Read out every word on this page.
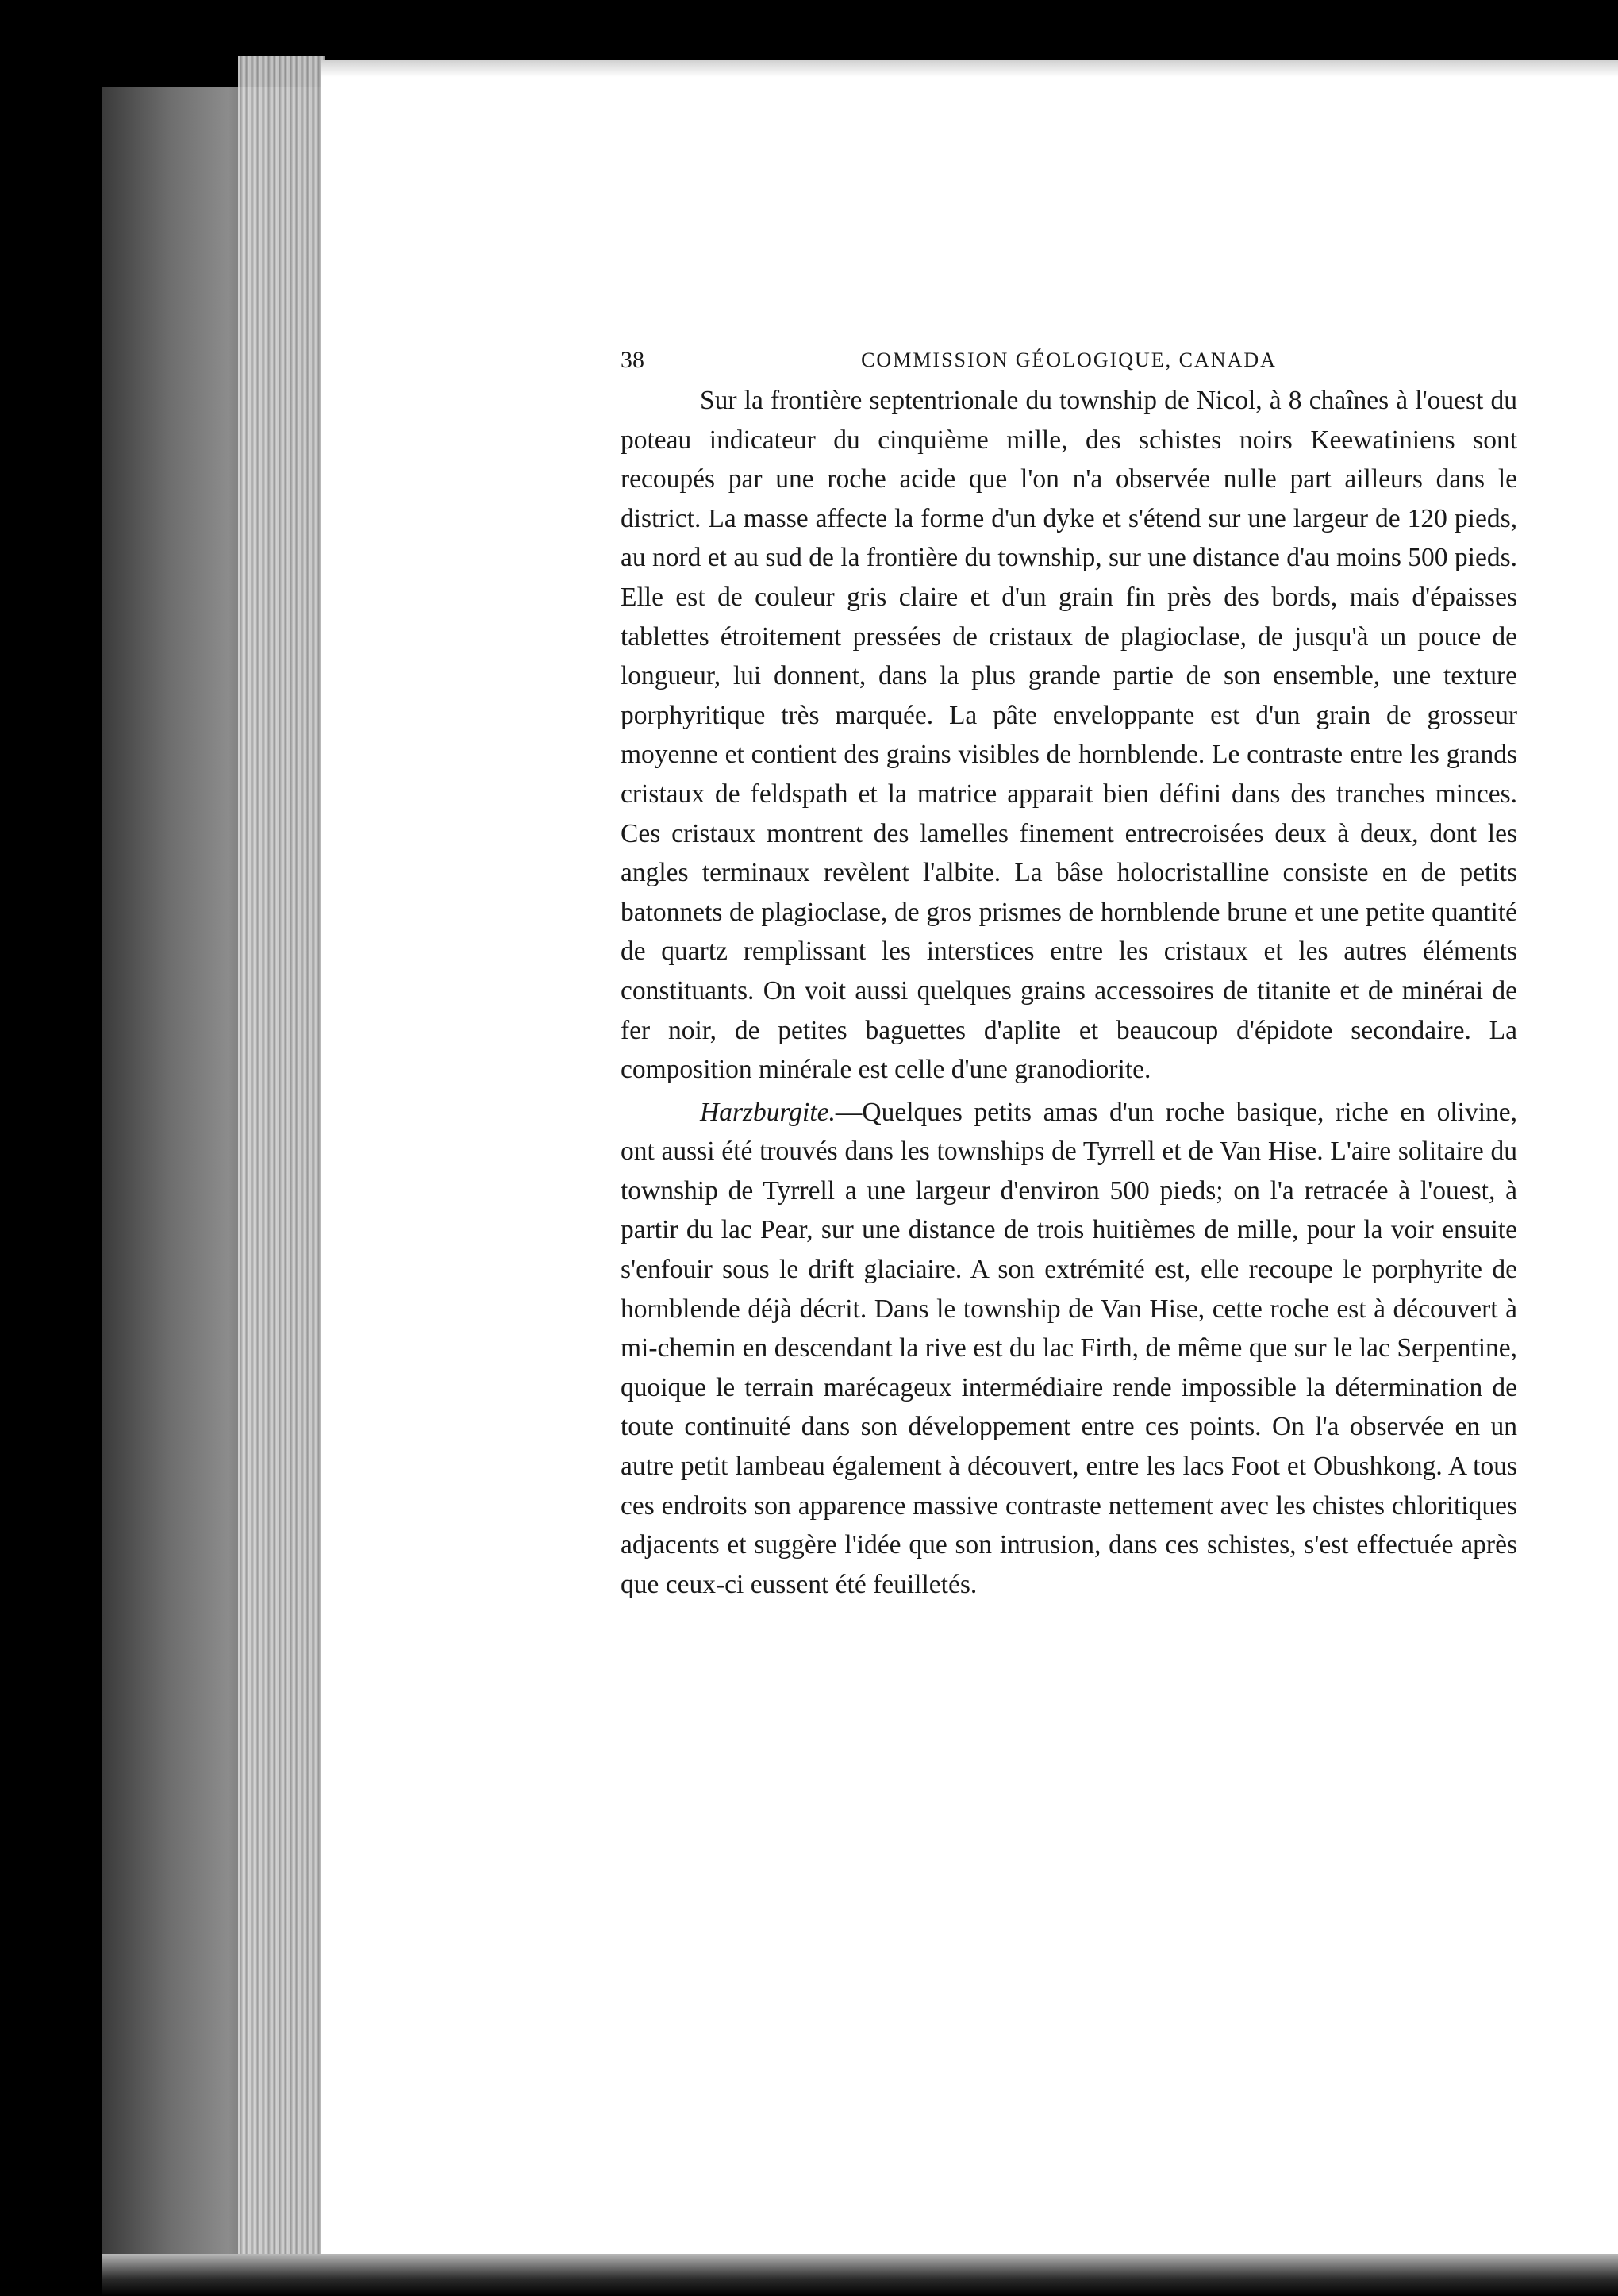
38	COMMISSION GÉOLOGIQUE, CANADA

Sur la frontière septentrionale du township de Nicol, à 8 chaînes à l'ouest du poteau indicateur du cinquième mille, des schistes noirs Keewatiniens sont recoupés par une roche acide que l'on n'a observée nulle part ailleurs dans le district. La masse affecte la forme d'un dyke et s'étend sur une largeur de 120 pieds, au nord et au sud de la frontière du township, sur une distance d'au moins 500 pieds. Elle est de couleur gris claire et d'un grain fin près des bords, mais d'épaisses tablettes étroitement pressées de cristaux de plagioclase, de jusqu'à un pouce de longueur, lui donnent, dans la plus grande partie de son ensemble, une texture porphyritique très marquée. La pâte enveloppante est d'un grain de grosseur moyenne et contient des grains visibles de hornblende. Le contraste entre les grands cristaux de feldspath et la matrice apparait bien défini dans des tranches minces. Ces cristaux montrent des lamelles finement entrecroisées deux à deux, dont les angles terminaux revèlent l'albite. La bâse holocristalline consiste en de petits batonnets de plagioclase, de gros prismes de hornblende brune et une petite quantité de quartz remplissant les interstices entre les cristaux et les autres éléments constituants. On voit aussi quelques grains accessoires de titanite et de minérai de fer noir, de petites baguettes d'aplite et beaucoup d'épidote secondaire. La composition minérale est celle d'une granodiorite.

Harzburgite.—Quelques petits amas d'un roche basique, riche en olivine, ont aussi été trouvés dans les townships de Tyrrell et de Van Hise. L'aire solitaire du township de Tyrrell a une largeur d'environ 500 pieds; on l'a retracée à l'ouest, à partir du lac Pear, sur une distance de trois huitièmes de mille, pour la voir ensuite s'enfouir sous le drift glaciaire. A son extrémité est, elle recoupe le porphyrite de hornblende déjà décrit. Dans le township de Van Hise, cette roche est à découvert à mi-chemin en descendant la rive est du lac Firth, de même que sur le lac Serpentine, quoique le terrain marécageux intermédiaire rende impossible la détermination de toute continuité dans son développement entre ces points. On l'a observée en un autre petit lambeau également à découvert, entre les lacs Foot et Obushkong. A tous ces endroits son apparence massive contraste nettement avec les chistes chloritiques adjacents et suggère l'idée que son intrusion, dans ces schistes, s'est effectuée après que ceux-ci eussent été feuilletés.
